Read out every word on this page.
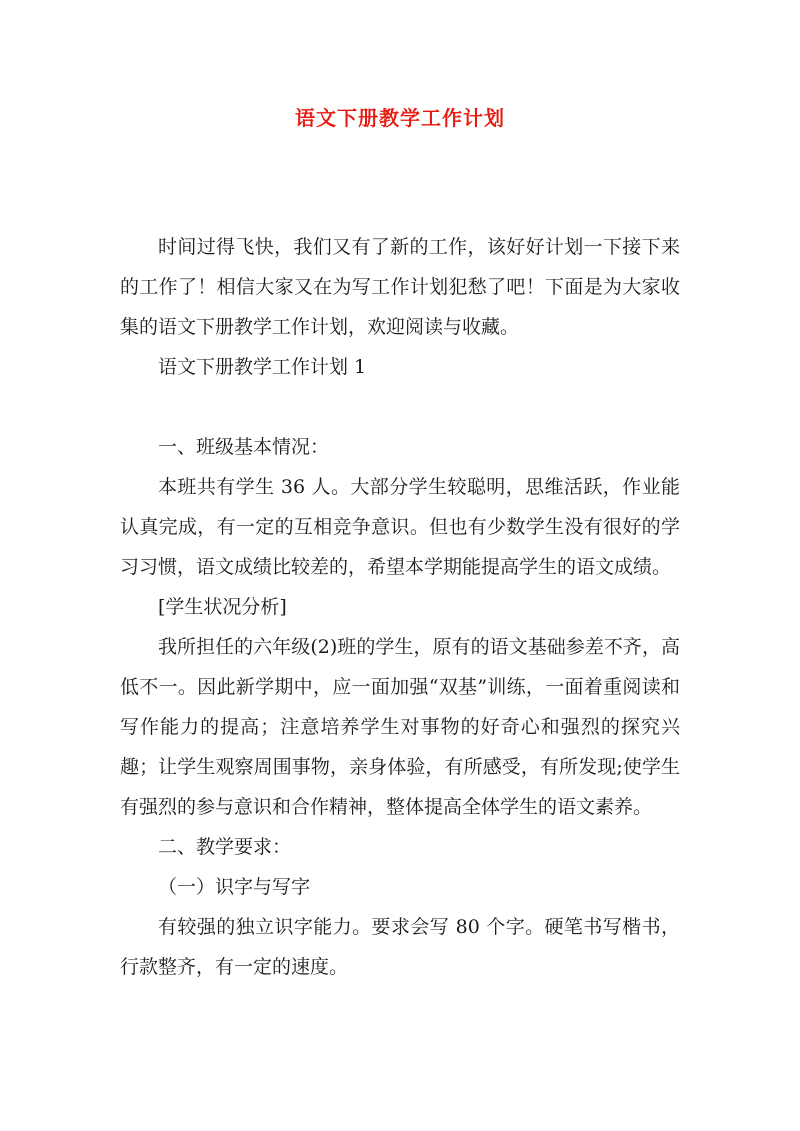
语文下册教学工作计划

时间过得飞快，我们又有了新的工作，该好好计划一下接下来的工作了！相信大家又在为写工作计划犯愁了吧！下面是为大家收集的语文下册教学工作计划，欢迎阅读与收藏。

语文下册教学工作计划 1

一、班级基本情况：

本班共有学生 36 人。大部分学生较聪明，思维活跃，作业能认真完成，有一定的互相竞争意识。但也有少数学生没有很好的学习习惯，语文成绩比较差的，希望本学期能提高学生的语文成绩。

[学生状况分析]

我所担任的六年级(2)班的学生，原有的语文基础参差不齐，高低不一。因此新学期中，应一面加强“双基”训练，一面着重阅读和写作能力的提高；注意培养学生对事物的好奇心和强烈的探究兴趣；让学生观察周围事物，亲身体验，有所感受，有所发现;使学生有强烈的参与意识和合作精神，整体提高全体学生的语文素养。

二、教学要求：

（一）识字与写字

有较强的独立识字能力。要求会写 80 个字。硬笔书写楷书，行款整齐，有一定的速度。
